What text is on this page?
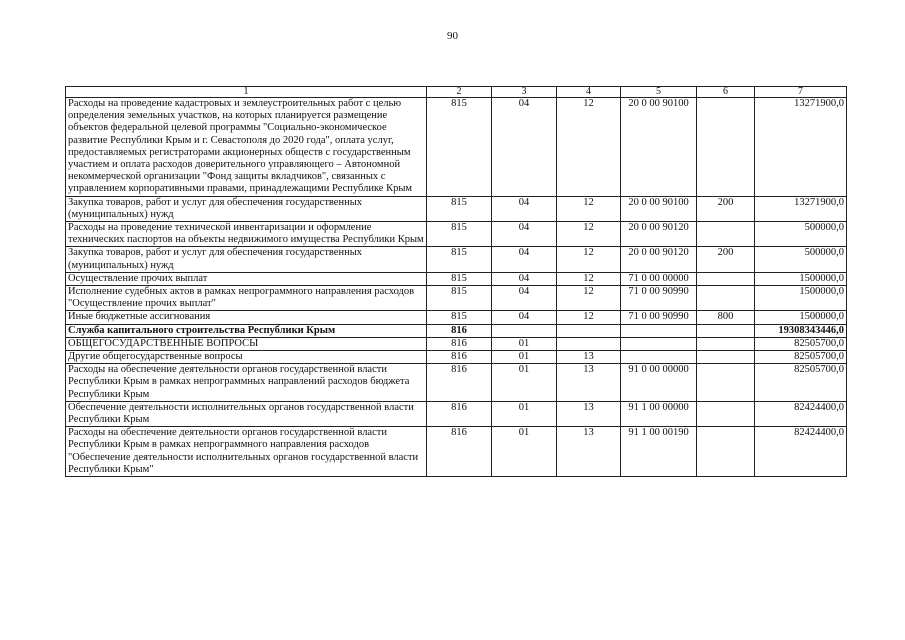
90
1	2	3	4	5	6	7
Расходы на проведение кадастровых и землеустроительных работ с целью определения земельных участков, на которых планируется размещение объектов федеральной целевой программы "Социально-экономическое развитие Республики Крым и г. Севастополя до 2020 года", оплата услуг, предоставляемых регистраторами акционерных обществ с государственным участием и оплата расходов доверительного управляющего – Автономной некоммерческой организации "Фонд защиты вкладчиков", связанных с управлением корпоративными правами, принадлежащими Республике Крым	815	04	12	20 0 00 90100		13271900,0
Закупка товаров, работ и услуг для обеспечения государственных (муниципальных) нужд	815	04	12	20 0 00 90100	200	13271900,0
Расходы на проведение технической инвентаризации и оформление технических паспортов на объекты недвижимого имущества Республики Крым	815	04	12	20 0 00 90120		500000,0
Закупка товаров, работ и услуг для обеспечения государственных (муниципальных) нужд	815	04	12	20 0 00 90120	200	500000,0
Осуществление прочих выплат	815	04	12	71 0 00 00000		1500000,0
Исполнение судебных актов в рамках непрограммного направления расходов "Осуществление прочих выплат"	815	04	12	71 0 00 90990		1500000,0
Иные бюджетные ассигнования	815	04	12	71 0 00 90990	800	1500000,0
Служба капитального строительства Республики Крым	816					19308343446,0
ОБЩЕГОСУДАРСТВЕННЫЕ ВОПРОСЫ	816	01				82505700,0
Другие общегосударственные вопросы	816	01	13			82505700,0
Расходы на обеспечение деятельности органов государственной власти Республики Крым в рамках непрограммных направлений расходов бюджета Республики Крым	816	01	13	91 0 00 00000		82505700,0
Обеспечение деятельности исполнительных органов государственной власти Республики Крым	816	01	13	91 1 00 00000		82424400,0
Расходы на обеспечение деятельности органов государственной власти Республики Крым в рамках непрограммного направления расходов "Обеспечение деятельности исполнительных органов государственной власти Республики Крым"	816	01	13	91 1 00 00190		82424400,0
